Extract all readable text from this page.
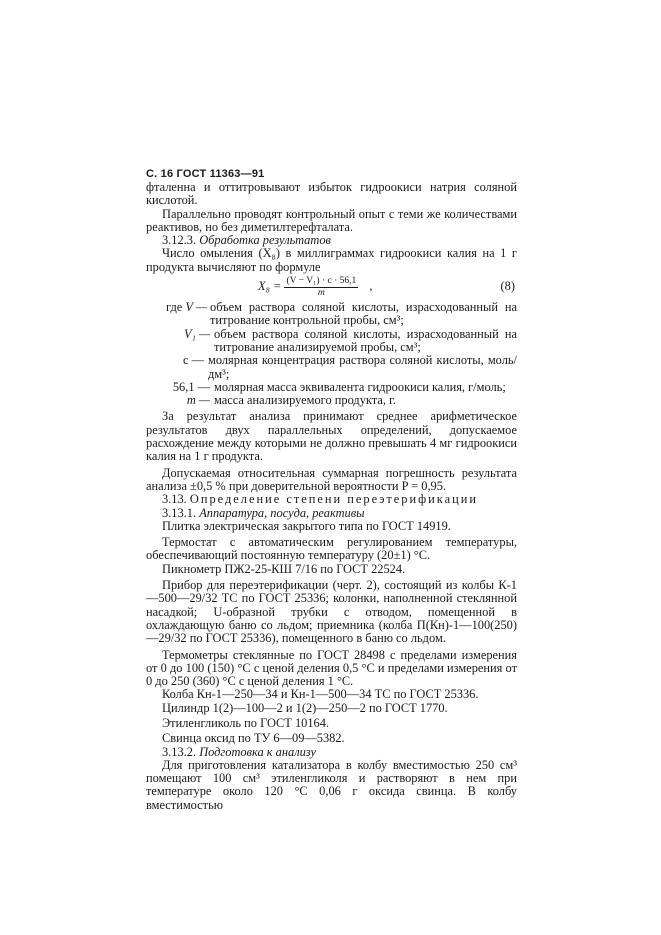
С. 16 ГОСТ 11363—91

фталенна и оттитровывают избыток гидроокиси натрия соляной кислотой.

Параллельно проводят контрольный опыт с теми же количествами реактивов, но без диметилтерефталата.

3.12.3. Обработка результатов

Число омыления (X₈) в миллиграммах гидроокиси калия на 1 г продукта вычисляют по формуле

$X_8 = \frac{\text{(V − V₁) · c · 56,1}}{m}$ ,	(8)
где V — объем раствора соляной кислоты, израсходованный на титрование контрольной пробы, см³;
V₁ — объем раствора соляной кислоты, израсходованный на титрование анализируемой пробы, см³;
c — молярная концентрация раствора соляной кислоты, моль/дм³;
56,1 — молярная масса эквивалента гидроокиси калия, г/моль;
m — масса анализируемого продукта, г.

За результат анализа принимают среднее арифметическое результатов двух параллельных определений, допускаемое расхождение между которыми не должно превышать 4 мг гидроокиси калия на 1 г продукта.

Допускаемая относительная суммарная погрешность результата анализа ±0,5 % при доверительной вероятности P = 0,95.

3.13. Определение степени переэтерификации

3.13.1. Аппаратура, посуда, реактивы

Плитка электрическая закрытого типа по ГОСТ 14919.

Термостат с автоматическим регулированием температуры, обеспечивающий постоянную температуру (20±1) °С.

Пикнометр ПЖ2-25-КШ 7/16 по ГОСТ 22524.

Прибор для переэтерификации (черт. 2), состоящий из колбы К-1—500—29/32 ТС по ГОСТ 25336; колонки, наполненной стеклянной насадкой; U-образной трубки с отводом, помещенной в охлаждающую баню со льдом; приемника (колба П(Кн)-1—100(250)—29/32 по ГОСТ 25336), помещенного в баню со льдом.

Термометры стеклянные по ГОСТ 28498 с пределами измерения от 0 до 100 (150) °С с ценой деления 0,5 °С и пределами измерения от 0 до 250 (360) °С с ценой деления 1 °С.

Колба Кн-1—250—34 и Кн-1—500—34 ТС по ГОСТ 25336.

Цилиндр 1(2)—100—2 и 1(2)—250—2 по ГОСТ 1770.

Этиленгликоль по ГОСТ 10164.

Свинца оксид по ТУ 6—09—5382.

3.13.2. Подготовка к анализу

Для приготовления катализатора в колбу вместимостью 250 см³ помещают 100 см³ этиленгликоля и растворяют в нем при температуре около 120 °С 0,06 г оксида свинца. В колбу вместимостью
